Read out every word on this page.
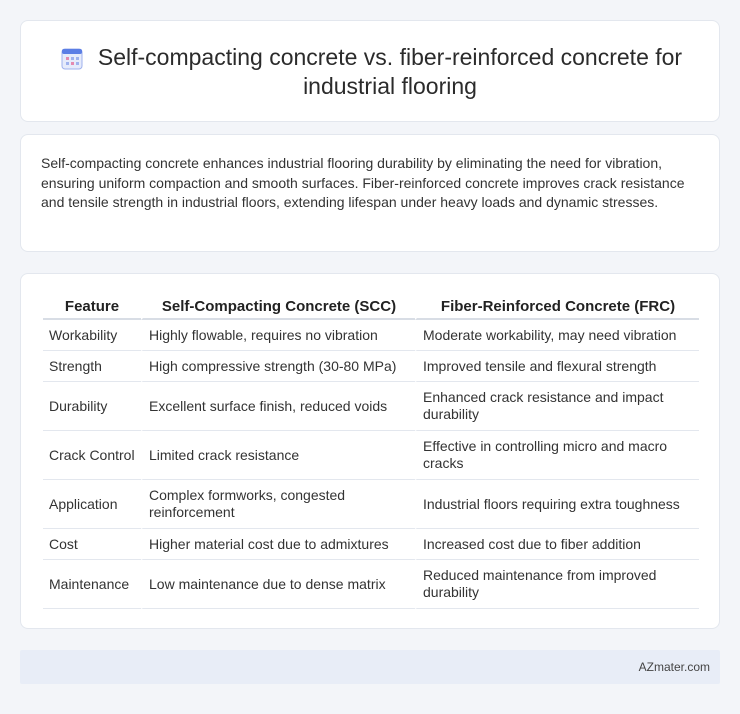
Self-compacting concrete vs. fiber-reinforced concrete for industrial flooring

Self-compacting concrete enhances industrial flooring durability by eliminating the need for vibration, ensuring uniform compaction and smooth surfaces. Fiber-reinforced concrete improves crack resistance and tensile strength in industrial floors, extending lifespan under heavy loads and dynamic stresses.

Feature	Self-Compacting Concrete (SCC)	Fiber-Reinforced Concrete (FRC)
Workability	Highly flowable, requires no vibration	Moderate workability, may need vibration
Strength	High compressive strength (30-80 MPa)	Improved tensile and flexural strength
Durability	Excellent surface finish, reduced voids	Enhanced crack resistance and impact durability
Crack Control	Limited crack resistance	Effective in controlling micro and macro cracks
Application	Complex formworks, congested reinforcement	Industrial floors requiring extra toughness
Cost	Higher material cost due to admixtures	Increased cost due to fiber addition
Maintenance	Low maintenance due to dense matrix	Reduced maintenance from improved durability
AZmater.com
